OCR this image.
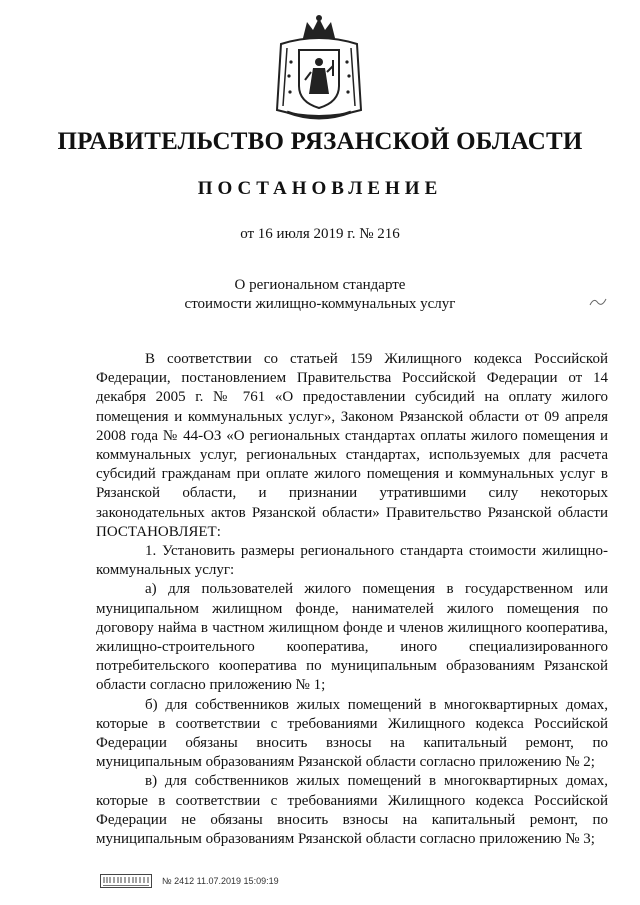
ПРАВИТЕЛЬСТВО РЯЗАНСКОЙ ОБЛАСТИ
ПОСТАНОВЛЕНИЕ
от 16 июля 2019 г. № 216
О региональном стандарте
стоимости жилищно-коммунальных услуг

В соответствии со статьей 159 Жилищного кодекса Российской Федерации, постановлением Правительства Российской Федерации от 14 декабря 2005 г. № 761 «О предоставлении субсидий на оплату жилого помещения и коммунальных услуг», Законом Рязанской области от 09 апреля 2008 года № 44-ОЗ «О региональных стандартах оплаты жилого помещения и коммунальных услуг, региональных стандартах, используемых для расчета субсидий гражданам при оплате жилого помещения и коммунальных услуг в Рязанской области, и признании утратившими силу некоторых законодательных актов Рязанской области» Правительство Рязанской области ПОСТАНОВЛЯЕТ:

1. Установить размеры регионального стандарта стоимости жилищно-коммунальных услуг:

а) для пользователей жилого помещения в государственном или муниципальном жилищном фонде, нанимателей жилого помещения по договору найма в частном жилищном фонде и членов жилищного кооператива, жилищно-строительного кооператива, иного специализированного потребительского кооператива по муниципальным образованиям Рязанской области согласно приложению № 1;

б) для собственников жилых помещений в многоквартирных домах, которые в соответствии с требованиями Жилищного кодекса Российской Федерации обязаны вносить взносы на капитальный ремонт, по муниципальным образованиям Рязанской области согласно приложению № 2;

в) для собственников жилых помещений в многоквартирных домах, которые в соответствии с требованиями Жилищного кодекса Российской Федерации не обязаны вносить взносы на капитальный ремонт, по муниципальным образованиям Рязанской области согласно приложению № 3;

№ 2412 11.07.2019 15:09:19
